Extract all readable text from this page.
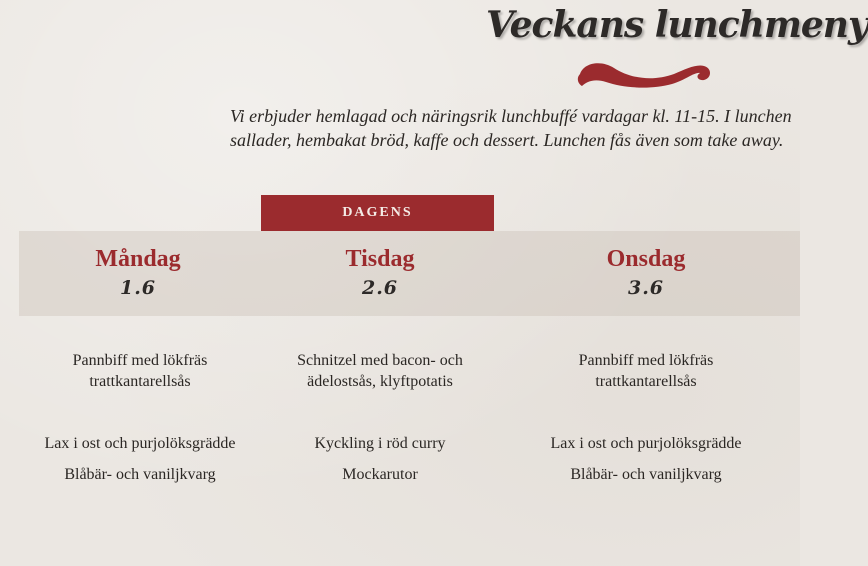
Veckans lunchmeny

Vi erbjuder hemlagad och näringsrik lunchbuffé vardagar kl. 11-15. I lunchen
sallader, hembakat bröd, kaffe och dessert. Lunchen fås även som take away.

DAGENS
Måndag
1.6
Tisdag
2.6
Onsdag
3.6
Pannbiff med lökfräs
trattkantarellsås
Lax i ost och purjolöksgrädde
Blåbär- och vaniljkvarg
Schnitzel med bacon- och
ädelostsås, klyftpotatis
Kyckling i röd curry
Mockarutor
Pannbiff med lökfräs
trattkantarellsås
Lax i ost och purjolöksgrädde
Blåbär- och vaniljkvarg
